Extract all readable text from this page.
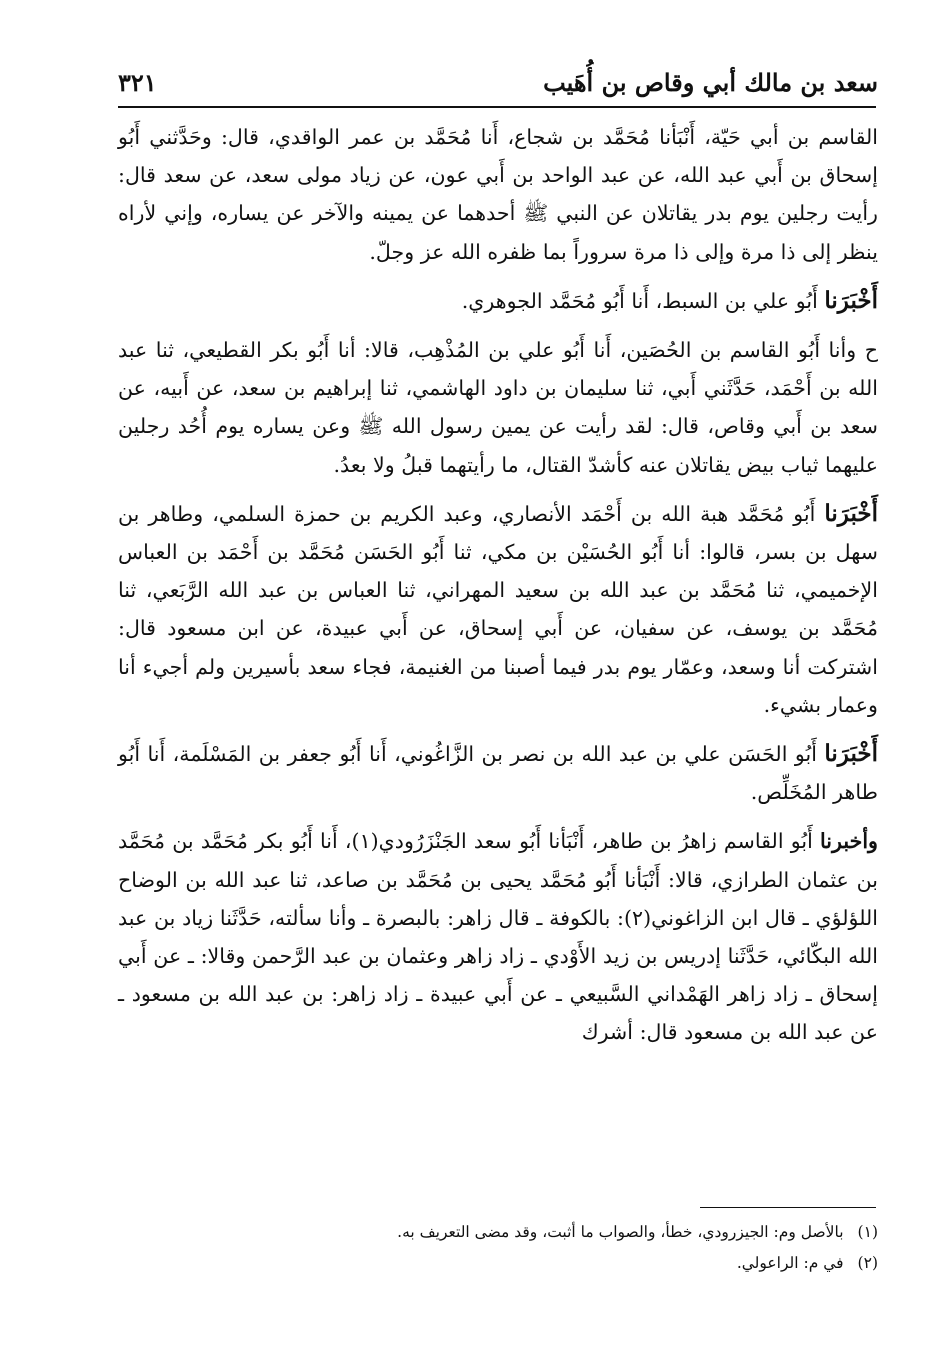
سعد بن مالك أبي وقاص بن أُهَيب
٣٢١

القاسم بن أبي حَيّة، أَنْبَأنا مُحَمَّد بن شجاع، أَنا مُحَمَّد بن عمر الواقدي، قال: وحَدَّثني أَبُو إسحاق بن أَبي عبد الله، عن عبد الواحد بن أَبي عون، عن زياد مولى سعد، عن سعد قال: رأيت رجلين يوم بدر يقاتلان عن النبي ﷺ أحدهما عن يمينه والآخر عن يساره، وإني لأراه ينظر إلى ذا مرة وإلى ذا مرة سروراً بما ظفره الله عز وجلّ.

أَخْبَرَنا أَبُو علي بن السبط، أَنا أَبُو مُحَمَّد الجوهري.

ح وأنا أَبُو القاسم بن الحُصَين، أَنا أَبُو علي بن المُذْهِب، قالا: أنا أَبُو بكر القطيعي، ثنا عبد الله بن أَحْمَد، حَدَّثَني أَبي، ثنا سليمان بن داود الهاشمي، ثنا إبراهيم بن سعد، عن أَبيه، عن سعد بن أَبي وقاص، قال: لقد رأيت عن يمين رسول الله ﷺ وعن يساره يوم أُحُد رجلين عليهما ثياب بيض يقاتلان عنه كأشدّ القتال، ما رأيتهما قبلُ ولا بعدُ.

أَخْبَرَنا أَبُو مُحَمَّد هبة الله بن أَحْمَد الأنصاري، وعبد الكريم بن حمزة السلمي، وطاهر بن سهل بن بسر، قالوا: أنا أَبُو الحُسَيْن بن مكي، ثنا أَبُو الحَسَن مُحَمَّد بن أَحْمَد بن العباس الإخميمي، ثنا مُحَمَّد بن عبد الله بن سعيد المهراني، ثنا العباس بن عبد الله الرَّبَعي، ثنا مُحَمَّد بن يوسف، عن سفيان، عن أَبي إسحاق، عن أَبي عبيدة، عن ابن مسعود قال: اشتركت أنا وسعد، وعمّار يوم بدر فيما أصبنا من الغنيمة، فجاء سعد بأسيرين ولم أجيء أنا وعمار بشيء.

أَخْبَرَنا أَبُو الحَسَن علي بن عبد الله بن نصر بن الزَّاغُوني، أَنا أَبُو جعفر بن المَسْلَمة، أَنا أَبُو طاهر المُخَلِّص.

وأخبرنا أَبُو القاسم زاهرُ بن طاهر، أَنْبَأنا أَبُو سعد الجَنْزَرُودي(١)، أَنا أَبُو بكر مُحَمَّد بن مُحَمَّد بن عثمان الطرازي، قالا: أَنْبَأنا أَبُو مُحَمَّد يحيى بن مُحَمَّد بن صاعد، ثنا عبد الله بن الوضاح اللؤلؤي ـ قال ابن الزاغوني(٢): بالكوفة ـ قال زاهر: بالبصرة ـ وأنا سألته، حَدَّثَنا زياد بن عبد الله البكّائي، حَدَّثَنا إدريس بن زيد الأَوْدي ـ زاد زاهر وعثمان بن عبد الرَّحمن وقالا: ـ عن أَبي إسحاق ـ زاد زاهر الهَمْداني السَّبيعي ـ عن أَبي عبيدة ـ زاد زاهر: بن عبد الله بن مسعود ـ عن عبد الله بن مسعود قال: أشرك

(١)بالأصل وم: الجيزرودي، خطأ، والصواب ما أثبت، وقد مضى التعريف به.

(٢)في م: الراعولي.
